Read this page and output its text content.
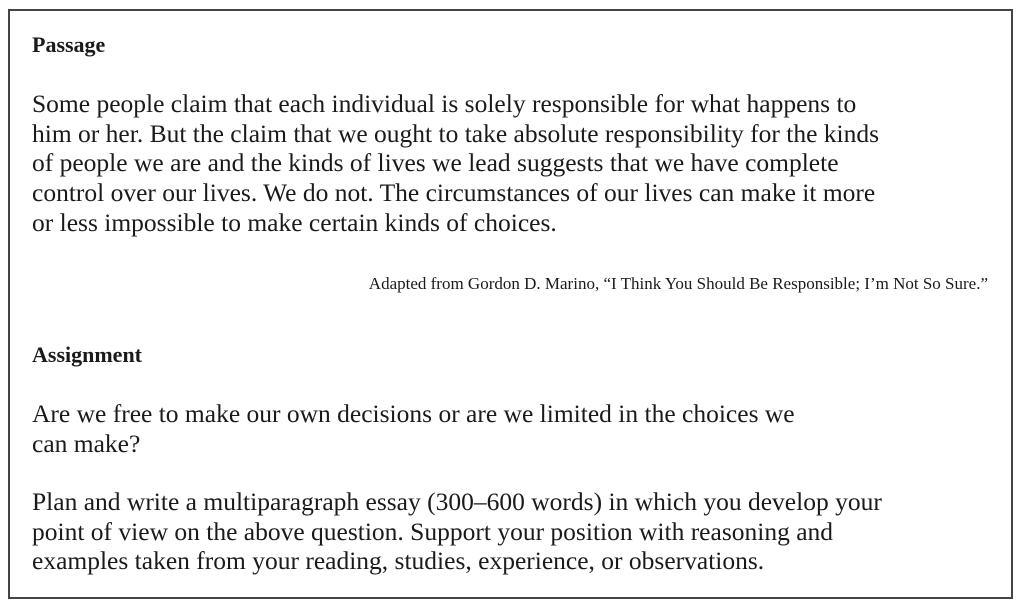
Passage
Some people claim that each individual is solely responsible for what happens to
him or her. But the claim that we ought to take absolute responsibility for the kinds
of people we are and the kinds of lives we lead suggests that we have complete
control over our lives. We do not. The circumstances of our lives can make it more
or less impossible to make certain kinds of choices.
Adapted from Gordon D. Marino, “I Think You Should Be Responsible; I’m Not So Sure.”
Assignment
Are we free to make our own decisions or are we limited in the choices we
can make?
Plan and write a multiparagraph essay (300–600 words) in which you develop your
point of view on the above question. Support your position with reasoning and
examples taken from your reading, studies, experience, or observations.
